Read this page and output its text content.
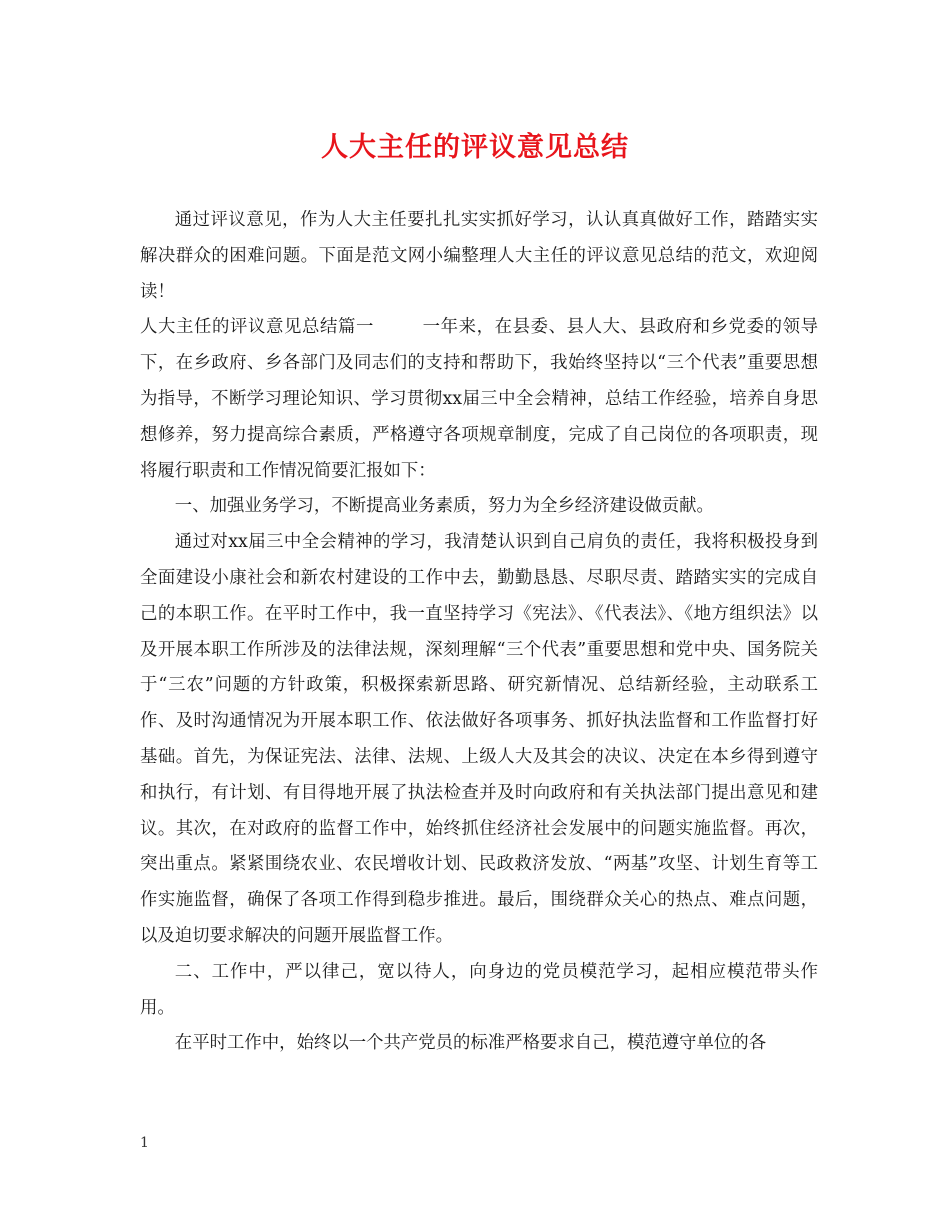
人大主任的评议意见总结

通过评议意见，作为人大主任要扎扎实实抓好学习，认认真真做好工作，踏踏实实解决群众的困难问题。下面是范文网小编整理人大主任的评议意见总结的范文，欢迎阅读！

人大主任的评议意见总结篇一	一年来，在县委、县人大、县政府和乡党委的领导下，在乡政府、乡各部门及同志们的支持和帮助下，我始终坚持以“三个代表”重要思想为指导，不断学习理论知识、学习贯彻xx届三中全会精神，总结工作经验，培养自身思想修养，努力提高综合素质，严格遵守各项规章制度，完成了自己岗位的各项职责，现将履行职责和工作情况简要汇报如下：

一、加强业务学习，不断提高业务素质，努力为全乡经济建设做贡献。

通过对xx届三中全会精神的学习，我清楚认识到自己肩负的责任，我将积极投身到全面建设小康社会和新农村建设的工作中去，勤勤恳恳、尽职尽责、踏踏实实的完成自己的本职工作。在平时工作中，我一直坚持学习《宪法》、《代表法》、《地方组织法》以及开展本职工作所涉及的法律法规，深刻理解“三个代表”重要思想和党中央、国务院关于“三农”问题的方针政策，积极探索新思路、研究新情况、总结新经验，主动联系工作、及时沟通情况为开展本职工作、依法做好各项事务、抓好执法监督和工作监督打好基础。首先，为保证宪法、法律、法规、上级人大及其会的决议、决定在本乡得到遵守和执行，有计划、有目得地开展了执法检查并及时向政府和有关执法部门提出意见和建议。其次，在对政府的监督工作中，始终抓住经济社会发展中的问题实施监督。再次，突出重点。紧紧围绕农业、农民增收计划、民政救济发放、“两基”攻坚、计划生育等工作实施监督，确保了各项工作得到稳步推进。最后，围绕群众关心的热点、难点问题，以及迫切要求解决的问题开展监督工作。

二、工作中，严以律己，宽以待人，向身边的党员模范学习，起相应模范带头作用。

在平时工作中，始终以一个共产党员的标准严格要求自己，模范遵守单位的各

1
